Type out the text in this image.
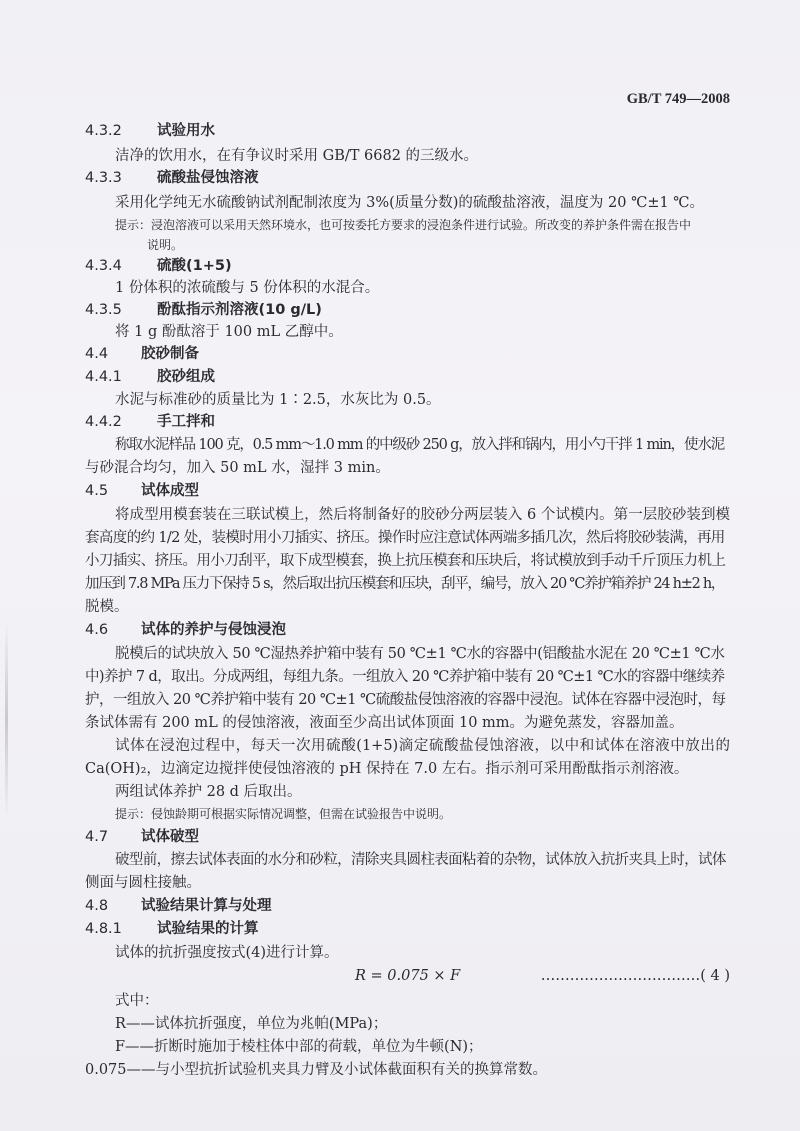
GB/T 749—2008
4.3.2 试验用水
洁净的饮用水，在有争议时采用 GB/T 6682 的三级水。
4.3.3 硫酸盐侵蚀溶液
采用化学纯无水硫酸钠试剂配制浓度为 3%(质量分数)的硫酸盐溶液，温度为 20 ℃±1 ℃。
提示：浸泡溶液可以采用天然环境水，也可按委托方要求的浸泡条件进行试验。所改变的养护条件需在报告中
说明。
4.3.4 硫酸(1+5)
1 份体积的浓硫酸与 5 份体积的水混合。
4.3.5 酚酞指示剂溶液(10 g/L)
将 1 g 酚酞溶于 100 mL 乙醇中。
4.4 胶砂制备
4.4.1 胶砂组成
水泥与标准砂的质量比为 1∶2.5，水灰比为 0.5。
4.4.2 手工拌和
称取水泥样品 100 克，0.5 mm～1.0 mm 的中级砂 250 g，放入拌和锅内，用小勺干拌 1 min，使水泥
与砂混合均匀，加入 50 mL 水，湿拌 3 min。
4.5 试体成型
将成型用模套装在三联试模上，然后将制备好的胶砂分两层装入 6 个试模内。第一层胶砂装到模
套高度的约 1/2 处，装模时用小刀插实、挤压。操作时应注意试体两端多插几次，然后将胶砂装满，再用
小刀插实、挤压。用小刀刮平，取下成型模套，换上抗压模套和压块后，将试模放到手动千斤顶压力机上
加压到 7.8 MPa 压力下保持 5 s，然后取出抗压模套和压块，刮平，编号，放入 20 ℃养护箱养护 24 h±2 h，
脱模。
4.6 试体的养护与侵蚀浸泡
脱模后的试块放入 50 ℃湿热养护箱中装有 50 ℃±1 ℃水的容器中(铝酸盐水泥在 20 ℃±1 ℃水
中)养护 7 d，取出。分成两组，每组九条。一组放入 20 ℃养护箱中装有 20 ℃±1 ℃水的容器中继续养
护，一组放入 20 ℃养护箱中装有 20 ℃±1 ℃硫酸盐侵蚀溶液的容器中浸泡。试体在容器中浸泡时，每
条试体需有 200 mL 的侵蚀溶液，液面至少高出试体顶面 10 mm。为避免蒸发，容器加盖。
试体在浸泡过程中，每天一次用硫酸(1+5)滴定硫酸盐侵蚀溶液，以中和试体在溶液中放出的
Ca(OH)₂，边滴定边搅拌使侵蚀溶液的 pH 保持在 7.0 左右。指示剂可采用酚酞指示剂溶液。
两组试体养护 28 d 后取出。
提示：侵蚀龄期可根据实际情况调整，但需在试验报告中说明。
4.7 试体破型
破型前，擦去试体表面的水分和砂粒，清除夹具圆柱表面粘着的杂物，试体放入抗折夹具上时，试体
侧面与圆柱接触。
4.8 试验结果计算与处理
4.8.1 试验结果的计算
试体的抗折强度按式(4)进行计算。
R = 0.075 × F	……………………………( 4 )
式中：
R——试体抗折强度，单位为兆帕(MPa)；
F——折断时施加于棱柱体中部的荷载，单位为牛顿(N)；
0.075——与小型抗折试验机夹具力臂及小试体截面积有关的换算常数。
